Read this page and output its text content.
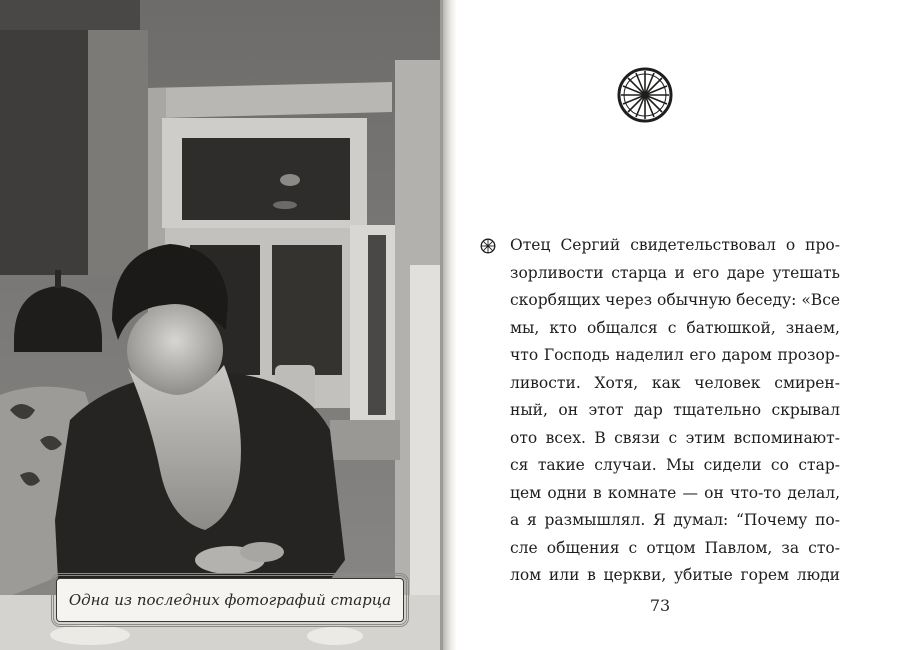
Одна из последних фотографий старца
Отец Сергий свидетельствовал о про-
зорливости старца и его даре утешать
скорбящих через обычную беседу: «Все
мы, кто общался с батюшкой, знаем,
что Господь наделил его даром прозор-
ливости. Хотя, как человек смирен-
ный, он этот дар тщательно скрывал
ото всех. В связи с этим вспоминают-
ся такие случаи. Мы сидели со стар-
цем одни в комнате — он что-то делал,
а я размышлял. Я думал: “Почему по-
сле общения с отцом Павлом, за сто-
лом или в церкви, убитые горем люди
73
